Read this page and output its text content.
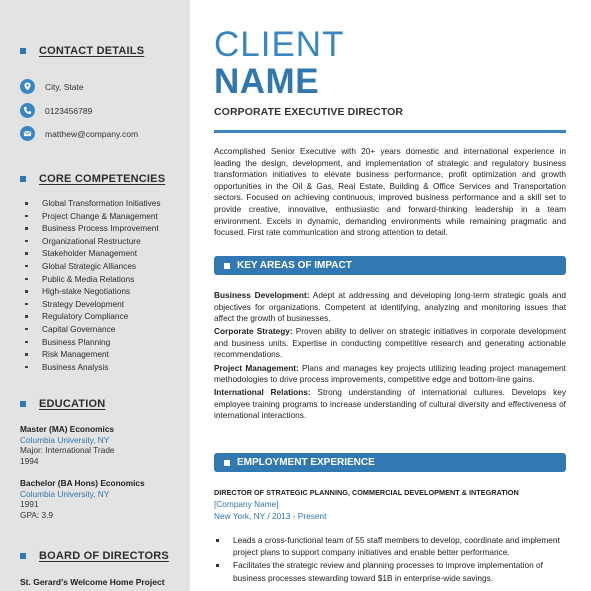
CONTACT DETAILS
City, State
0123456789
matthew@company.com
CORE COMPETENCIES
Global Transformation Initiatives
Project Change & Management
Business Process Improvement
Organizational Restructure
Stakeholder Management
Global Strategic Alliances
Public & Media Relations
High-stake Negotiations
Strategy Development
Regulatory Compliance
Capital Governance
Business Planning
Risk Management
Business Analysis
EDUCATION
Master (MA) Economics
Columbia University, NY
Major: International Trade
1994
Bachelor (BA Hons) Economics
Columbia University, NY
1991
GPA: 3.9
BOARD OF DIRECTORS
St. Gerard's Welcome Home Project
CLIENT
NAME
CORPORATE EXECUTIVE DIRECTOR
Accomplished Senior Executive with 20+ years domestic and international experience in leading the design, development, and implementation of strategic and regulatory business transformation initiatives to elevate business performance, profit optimization and growth opportunities in the Oil & Gas, Real Estate, Building & Office Services and Transportation sectors. Focused on achieving continuous, improved business performance and a skill set to provide creative, innovative, enthusiastic and forward-thinking leadership in a team environment. Excels in dynamic, demanding environments while remaining pragmatic and focused. First rate communication and strong attention to detail.
KEY AREAS OF IMPACT

Business Development: Adept at addressing and developing long-term strategic goals and objectives for organizations. Competent at identifying, analyzing and monitoring issues that affect the growth of businesses.

Corporate Strategy: Proven ability to deliver on strategic initiatives in corporate development and business units. Expertise in conducting competitive research and generating actionable recommendations.

Project Management: Plans and manages key projects utilizing leading project management methodologies to drive process improvements, competitive edge and bottom-line gains.

International Relations: Strong understanding of international cultures. Develops key employee training programs to increase understanding of cultural diversity and effectiveness of international interactions.

EMPLOYMENT EXPERIENCE
DIRECTOR OF STRATEGIC PLANNING, COMMERCIAL DEVELOPMENT & INTEGRATION
[Company Name]
New York, NY / 2013 - Present
Leads a cross-functional team of 55 staff members to develop, coordinate and implement project plans to support company initiatives and enable better performance.
Facilitates the strategic review and planning processes to improve implementation of business processes stewarding toward $1B in enterprise-wide savings.
